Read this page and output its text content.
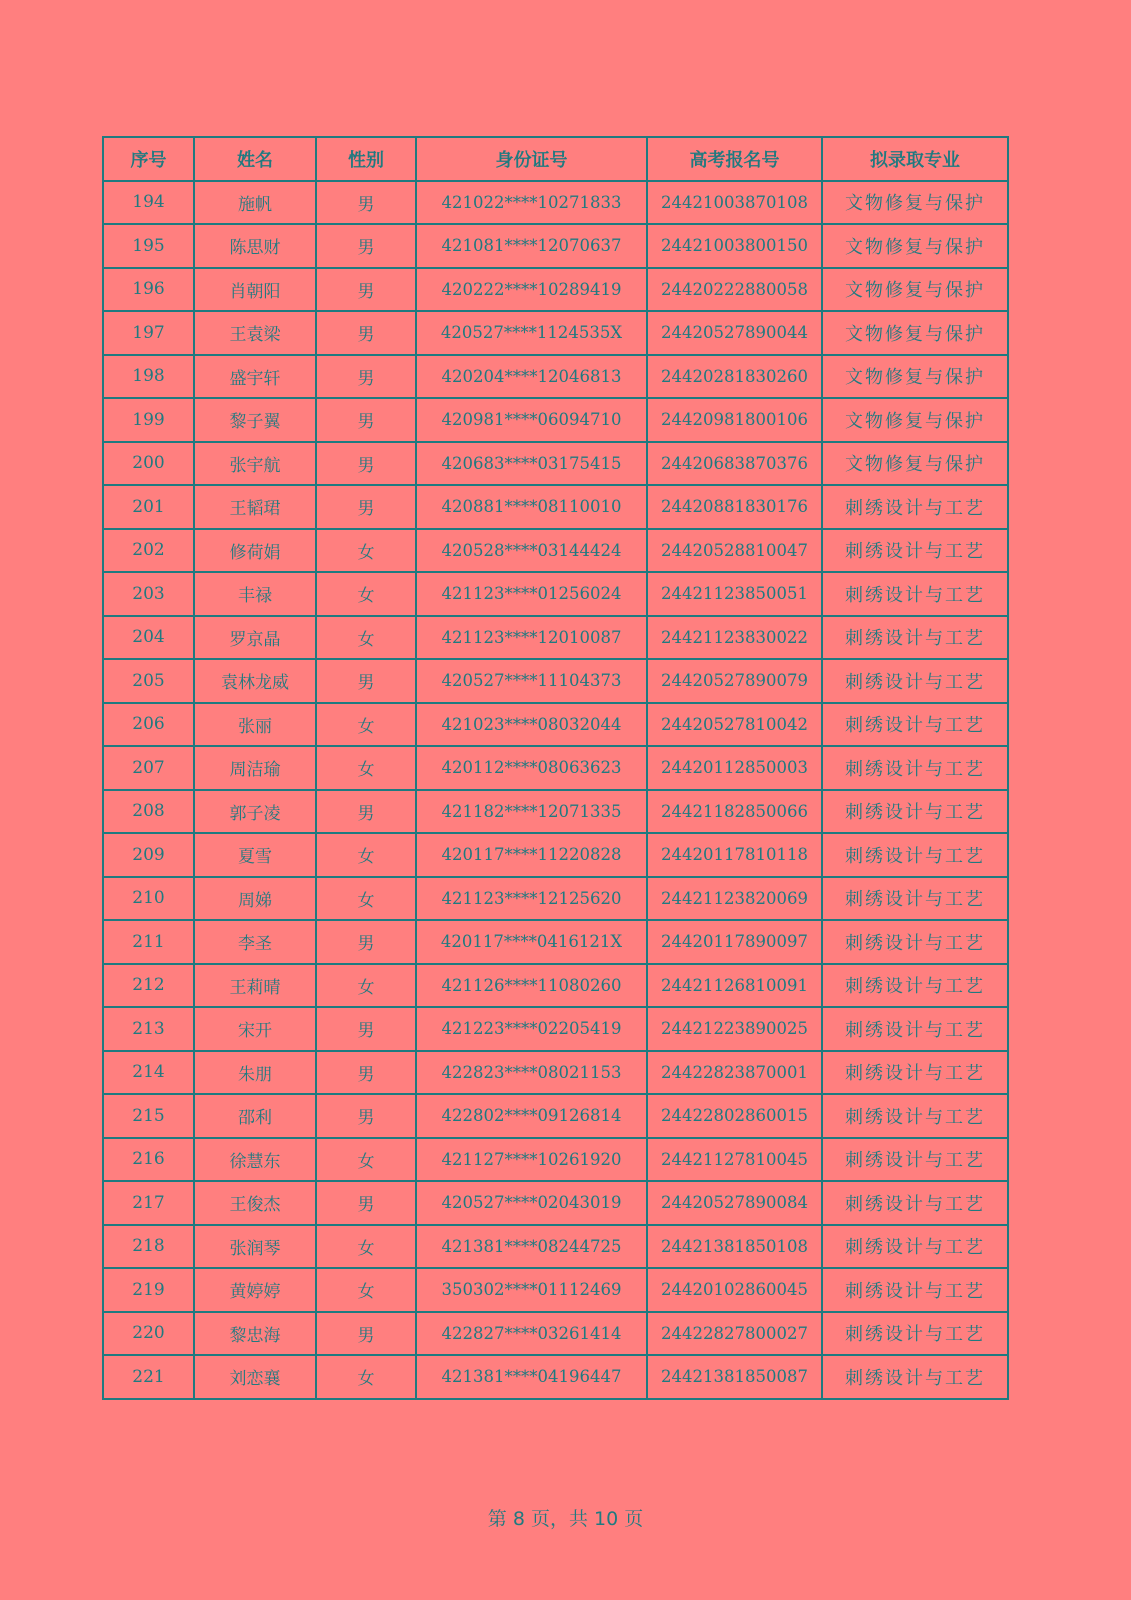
序号	姓名	性别	身份证号	高考报名号	拟录取专业
194	施帆	男	421022****10271833	24421003870108	文物修复与保护
195	陈思财	男	421081****12070637	24421003800150	文物修复与保护
196	肖朝阳	男	420222****10289419	24420222880058	文物修复与保护
197	王袁梁	男	420527****1124535X	24420527890044	文物修复与保护
198	盛宇轩	男	420204****12046813	24420281830260	文物修复与保护
199	黎子翼	男	420981****06094710	24420981800106	文物修复与保护
200	张宇航	男	420683****03175415	24420683870376	文物修复与保护
201	王韬珺	男	420881****08110010	24420881830176	刺绣设计与工艺
202	修荷娟	女	420528****03144424	24420528810047	刺绣设计与工艺
203	丰禄	女	421123****01256024	24421123850051	刺绣设计与工艺
204	罗京晶	女	421123****12010087	24421123830022	刺绣设计与工艺
205	袁林龙威	男	420527****11104373	24420527890079	刺绣设计与工艺
206	张丽	女	421023****08032044	24420527810042	刺绣设计与工艺
207	周洁瑜	女	420112****08063623	24420112850003	刺绣设计与工艺
208	郭子凌	男	421182****12071335	24421182850066	刺绣设计与工艺
209	夏雪	女	420117****11220828	24420117810118	刺绣设计与工艺
210	周娣	女	421123****12125620	24421123820069	刺绣设计与工艺
211	李圣	男	420117****0416121X	24420117890097	刺绣设计与工艺
212	王莉晴	女	421126****11080260	24421126810091	刺绣设计与工艺
213	宋开	男	421223****02205419	24421223890025	刺绣设计与工艺
214	朱朋	男	422823****08021153	24422823870001	刺绣设计与工艺
215	邵利	男	422802****09126814	24422802860015	刺绣设计与工艺
216	徐慧东	女	421127****10261920	24421127810045	刺绣设计与工艺
217	王俊杰	男	420527****02043019	24420527890084	刺绣设计与工艺
218	张润琴	女	421381****08244725	24421381850108	刺绣设计与工艺
219	黄婷婷	女	350302****01112469	24420102860045	刺绣设计与工艺
220	黎忠海	男	422827****03261414	24422827800027	刺绣设计与工艺
221	刘恋襄	女	421381****04196447	24421381850087	刺绣设计与工艺
第 8 页，共 10 页
